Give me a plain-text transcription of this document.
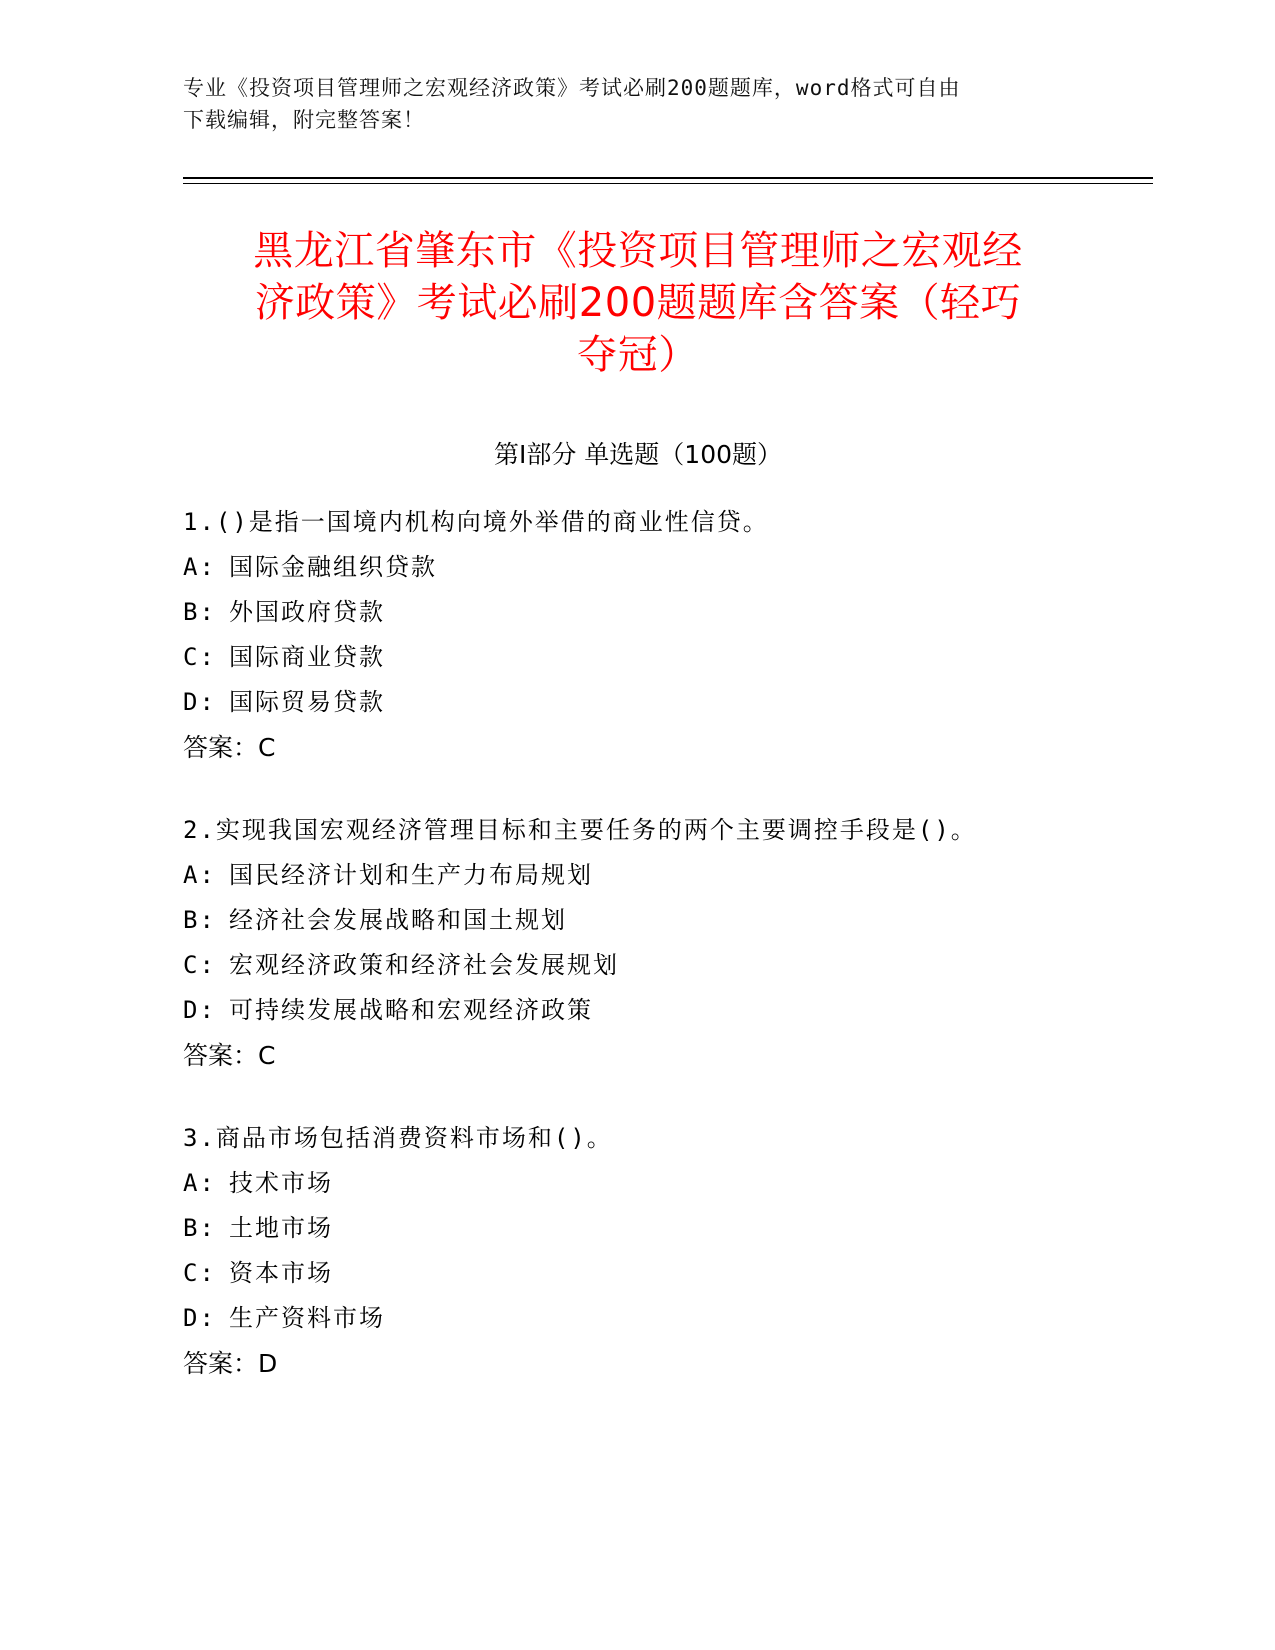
专业《投资项目管理师之宏观经济政策》考试必刷200题题库，word格式可自由
下载编辑，附完整答案！
黑龙江省肇东市《投资项目管理师之宏观经
济政策》考试必刷200题题库含答案（轻巧
夺冠）
第Ⅰ部分 单选题（100题）
1.()是指一国境内机构向境外举借的商业性信贷。
A: 国际金融组织贷款
B: 外国政府贷款
C: 国际商业贷款
D: 国际贸易贷款
答案：C
2.实现我国宏观经济管理目标和主要任务的两个主要调控手段是()。
A: 国民经济计划和生产力布局规划
B: 经济社会发展战略和国土规划
C: 宏观经济政策和经济社会发展规划
D: 可持续发展战略和宏观经济政策
答案：C
3.商品市场包括消费资料市场和()。
A: 技术市场
B: 土地市场
C: 资本市场
D: 生产资料市场
答案：D
